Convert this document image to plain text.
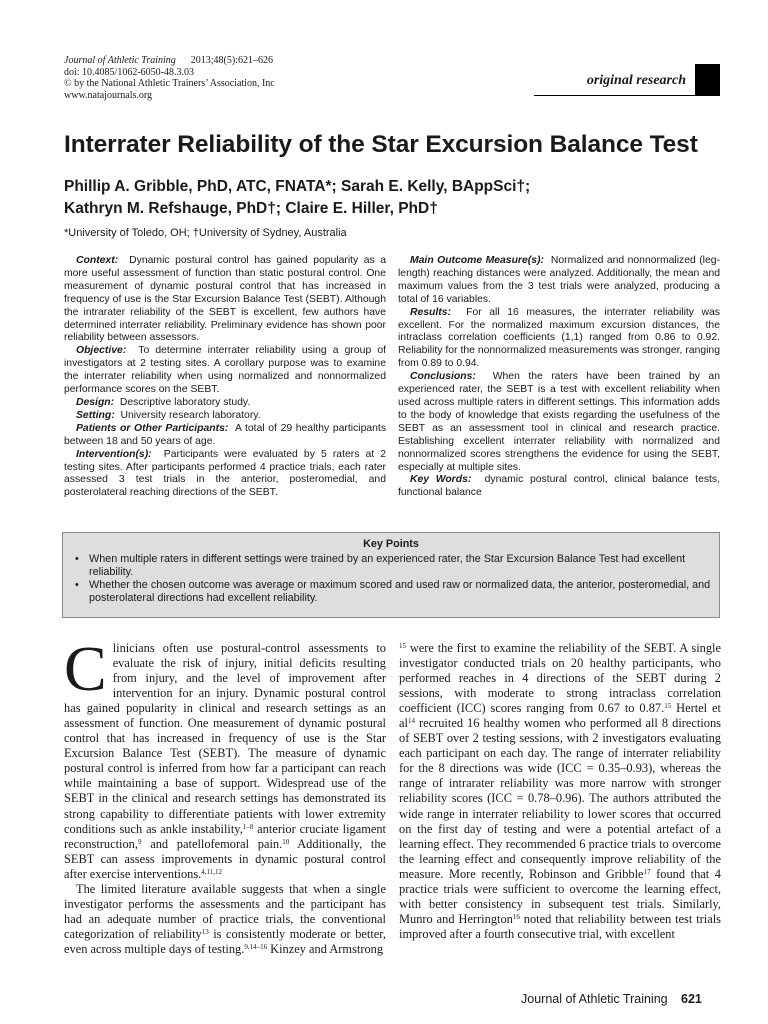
Journal of Athletic Training 2013;48(5):621–626
doi: 10.4085/1062-6050-48.3.03
© by the National Athletic Trainers’ Association, Inc
www.natajournals.org
original research
Interrater Reliability of the Star Excursion Balance Test
Phillip A. Gribble, PhD, ATC, FNATA*; Sarah E. Kelly, BAppSci†;
Kathryn M. Refshauge, PhD†; Claire E. Hiller, PhD†
*University of Toledo, OH; †University of Sydney, Australia

Context: Dynamic postural control has gained popularity as a more useful assessment of function than static postural control. One measurement of dynamic postural control that has increased in frequency of use is the Star Excursion Balance Test (SEBT). Although the intrarater reliability of the SEBT is excellent, few authors have determined interrater reliability. Preliminary evidence has shown poor reliability between assessors.

Objective: To determine interrater reliability using a group of investigators at 2 testing sites. A corollary purpose was to examine the interrater reliability when using normalized and nonnormalized performance scores on the SEBT.

Design: Descriptive laboratory study.

Setting: University research laboratory.

Patients or Other Participants: A total of 29 healthy participants between 18 and 50 years of age.

Intervention(s): Participants were evaluated by 5 raters at 2 testing sites. After participants performed 4 practice trials, each rater assessed 3 test trials in the anterior, posteromedial, and posterolateral reaching directions of the SEBT.

Main Outcome Measure(s): Normalized and nonnormalized (leg-length) reaching distances were analyzed. Additionally, the mean and maximum values from the 3 test trials were analyzed, producing a total of 16 variables.

Results: For all 16 measures, the interrater reliability was excellent. For the normalized maximum excursion distances, the intraclass correlation coefficients (1,1) ranged from 0.86 to 0.92. Reliability for the nonnormalized measurements was stronger, ranging from 0.89 to 0.94.

Conclusions: When the raters have been trained by an experienced rater, the SEBT is a test with excellent reliability when used across multiple raters in different settings. This information adds to the body of knowledge that exists regarding the usefulness of the SEBT as an assessment tool in clinical and research practice. Establishing excellent interrater reliability with normalized and nonnormalized scores strengthens the evidence for using the SEBT, especially at multiple sites.

Key Words: dynamic postural control, clinical balance tests, functional balance

Key Points
• When multiple raters in different settings were trained by an experienced rater, the Star Excursion Balance Test had excellent reliability.
• Whether the chosen outcome was average or maximum scored and used raw or normalized data, the anterior, posteromedial, and posterolateral directions had excellent reliability.

Clinicians often use postural-control assessments to evaluate the risk of injury, initial deficits resulting from injury, and the level of improvement after intervention for an injury. Dynamic postural control has gained popularity in clinical and research settings as an assessment of function. One measurement of dynamic postural control that has increased in frequency of use is the Star Excursion Balance Test (SEBT). The measure of dynamic postural control is inferred from how far a participant can reach while maintaining a base of support. Widespread use of the SEBT in the clinical and research settings has demonstrated its strong capability to differentiate patients with lower extremity conditions such as ankle instability,$^{1-8}$ anterior cruciate ligament reconstruction,$^9$ and patellofemoral pain.$^{10}$ Additionally, the SEBT can assess improvements in dynamic postural control after exercise interventions.$^{4,11,12}$

The limited literature available suggests that when a single investigator performs the assessments and the participant has had an adequate number of practice trials, the conventional categorization of reliability$^{13}$ is consistently moderate or better, even across multiple days of testing.$^{9,14-16}$ Kinzey and Armstrong

$^{15}$ were the first to examine the reliability of the SEBT. A single investigator conducted trials on 20 healthy participants, who performed reaches in 4 directions of the SEBT during 2 sessions, with moderate to strong intraclass correlation coefficient (ICC) scores ranging from 0.67 to 0.87.15 Hertel et $al^{14}$ recruited 16 healthy women who performed all 8 directions of SEBT over 2 testing sessions, with 2 investigators evaluating each participant on each day. The range of interrater reliability for the 8 directions was wide (ICC = 0.35–0.93), whereas the range of intrarater reliability was more narrow with stronger reliability scores (ICC = 0.78–0.96). The authors attributed the wide range in interrater reliability to lower scores that occurred on the first day of testing and were a potential artefact of a learning effect. They recommended 6 practice trials to overcome the learning effect and consequently improve reliability of the measure. More recently, Robinson and Gribble$^{17}$ found that 4 practice trials were sufficient to overcome the learning effect, with better consistency in subsequent test trials. Similarly, Munro and Herrington$^{16}$ noted that reliability between test trials improved after a fourth consecutive trial, with excellent

Journal of Athletic Training 621
